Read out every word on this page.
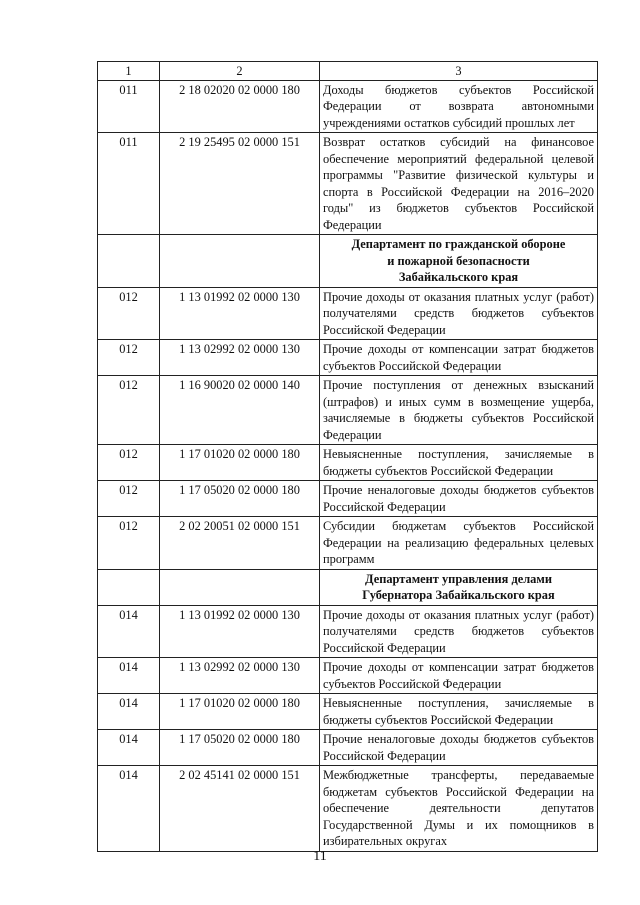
1	2	3
011	2 18 02020 02 0000 180	Доходы бюджетов субъектов Российской Федерации от возврата автономными учреждениями остатков субсидий прошлых лет
011	2 19 25495 02 0000 151	Возврат остатков субсидий на финансовое обеспечение мероприятий федеральной целевой программы "Развитие физической культуры и спорта в Российской Федерации на 2016–2020 годы" из бюджетов субъектов Российской Федерации

		Департамент по гражданской обороне
и пожарной безопасности
Забайкальского края

012	1 13 01992 02 0000 130	Прочие доходы от оказания платных услуг (работ) получателями средств бюджетов субъектов Российской Федерации
012	1 13 02992 02 0000 130	Прочие доходы от компенсации затрат бюджетов субъектов Российской Федерации
012	1 16 90020 02 0000 140	Прочие поступления от денежных взысканий (штрафов) и иных сумм в возмещение ущерба, зачисляемые в бюджеты субъектов Российской Федерации
012	1 17 01020 02 0000 180	Невыясненные поступления, зачисляемые в бюджеты субъектов Российской Федерации
012	1 17 05020 02 0000 180	Прочие неналоговые доходы бюджетов субъектов Российской Федерации
012	2 02 20051 02 0000 151	Субсидии бюджетам субъектов Российской Федерации на реализацию федеральных целевых программ

		Департамент управления делами
Губернатора Забайкальского края

014	1 13 01992 02 0000 130	Прочие доходы от оказания платных услуг (работ) получателями средств бюджетов субъектов Российской Федерации
014	1 13 02992 02 0000 130	Прочие доходы от компенсации затрат бюджетов субъектов Российской Федерации
014	1 17 01020 02 0000 180	Невыясненные поступления, зачисляемые в бюджеты субъектов Российской Федерации
014	1 17 05020 02 0000 180	Прочие неналоговые доходы бюджетов субъектов Российской Федерации
014	2 02 45141 02 0000 151	Межбюджетные трансферты, передаваемые бюджетам субъектов Российской Федерации на обеспечение деятельности депутатов Государственной Думы и их помощников в избирательных округах
11
